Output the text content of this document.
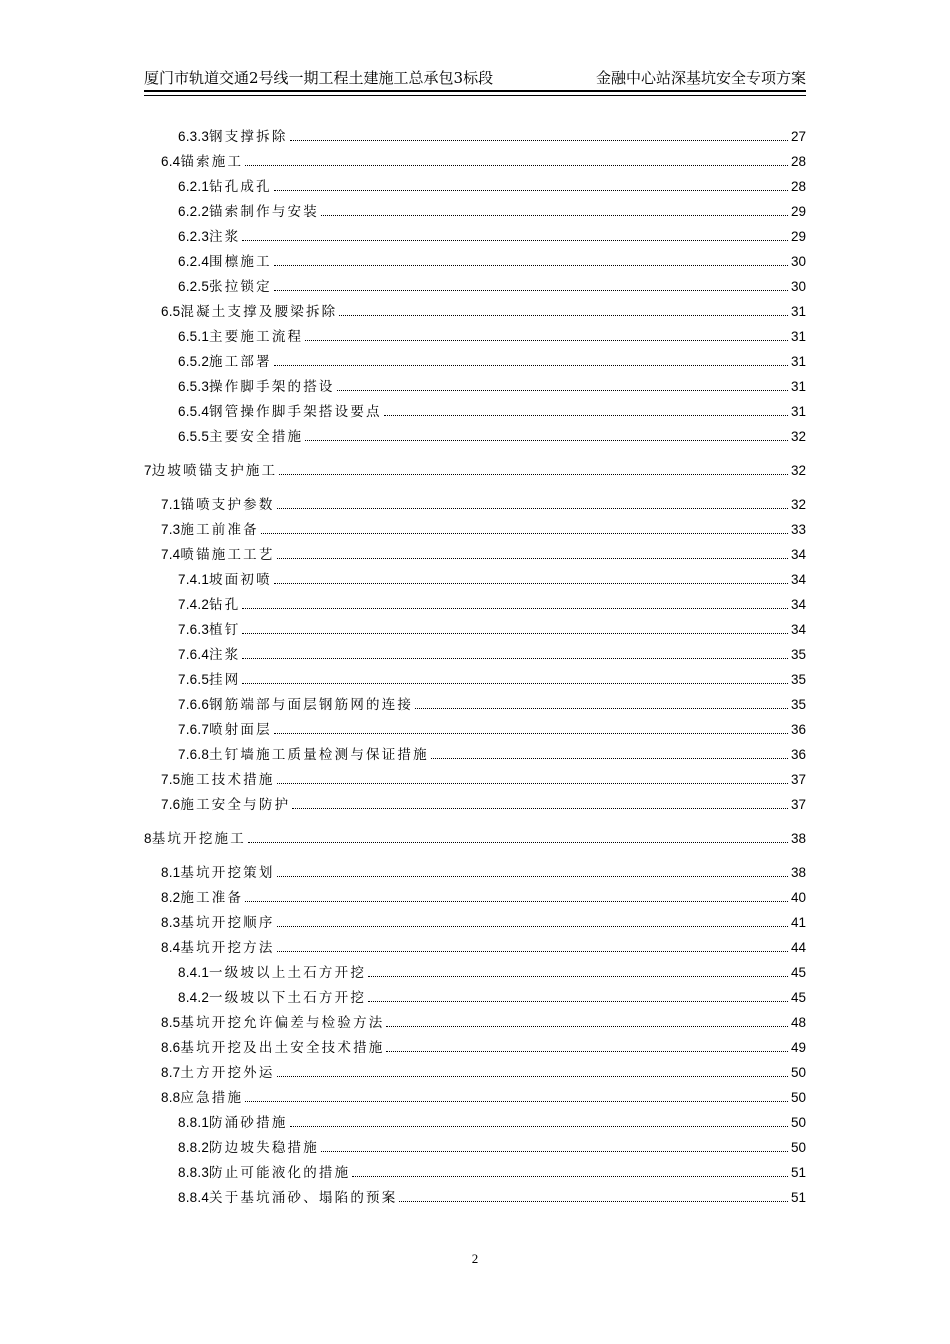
厦门市轨道交通2号线一期工程土建施工总承包3标段	金融中心站深基坑安全专项方案
6.3.3 钢支撑拆除	27
6.4 锚索施工	28
6.2.1 钻孔成孔	28
6.2.2 锚索制作与安装	29
6.2.3 注浆	29
6.2.4 围檩施工	30
6.2.5 张拉锁定	30
6.5 混凝土支撑及腰梁拆除	31
6.5.1 主要施工流程	31
6.5.2 施工部署	31
6.5.3 操作脚手架的搭设	31
6.5.4 钢管操作脚手架搭设要点	31
6.5.5 主要安全措施	32
7 边坡喷锚支护施工	32
7.1 锚喷支护参数	32
7.3 施工前准备	33
7.4 喷锚施工工艺	34
7.4.1 坡面初喷	34
7.4.2 钻孔	34
7.6.3 植钉	34
7.6.4 注浆	35
7.6.5 挂网	35
7.6.6 钢筋端部与面层钢筋网的连接	35
7.6.7 喷射面层	36
7.6.8 土钉墙施工质量检测与保证措施	36
7.5 施工技术措施	37
7.6 施工安全与防护	37
8 基坑开挖施工	38
8.1 基坑开挖策划	38
8.2 施工准备	40
8.3 基坑开挖顺序	41
8.4 基坑开挖方法	44
8.4.1 一级坡以上土石方开挖	45
8.4.2 一级坡以下土石方开挖	45
8.5 基坑开挖允许偏差与检验方法	48
8.6 基坑开挖及出土安全技术措施	49
8.7 土方开挖外运	50
8.8 应急措施	50
8.8.1 防涌砂措施	50
8.8.2 防边坡失稳措施	50
8.8.3 防止可能液化的措施	51
8.8.4 关于基坑涌砂、塌陷的预案	51
2
